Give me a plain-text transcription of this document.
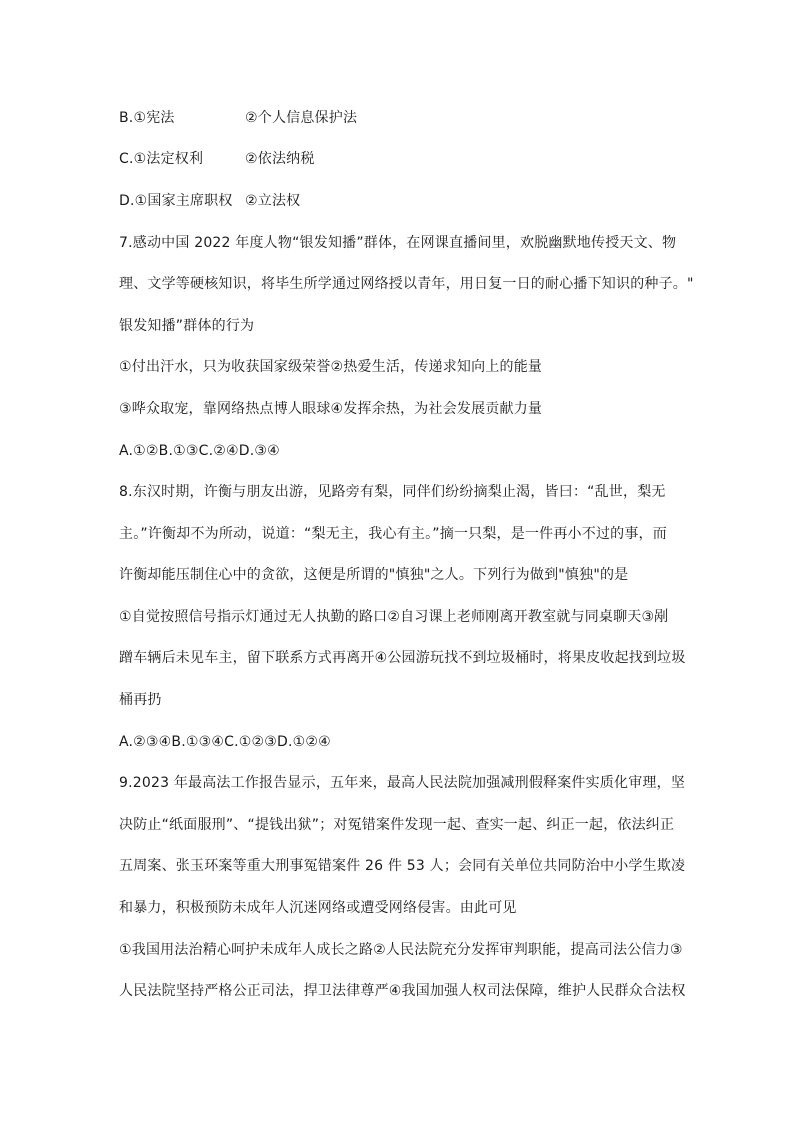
B.①宪法	②个人信息保护法
C.①法定权利	②依法纳税
D.①国家主席职权 ②立法权
7.感动中国 2022 年度人物“银发知播”群体，在网课直播间里，欢脱幽默地传授天文、物
理、文学等硬核知识，将毕生所学通过网络授以青年，用日复一日的耐心播下知识的种子。"
银发知播”群体的行为
①付出汗水，只为收获国家级荣誉②热爱生活，传递求知向上的能量
③哗众取宠，靠网络热点博人眼球④发挥余热，为社会发展贡献力量
A.①②B.①③C.②④D.③④
8.东汉时期，许衡与朋友出游，见路旁有梨，同伴们纷纷摘梨止渴，皆曰：“乱世，梨无
主。”许衡却不为所动，说道：“梨无主，我心有主。”摘一只梨，是一件再小不过的事，而
许衡却能压制住心中的贪欲，这便是所谓的"慎独"之人。下列行为做到"慎独"的是
①自觉按照信号指示灯通过无人执勤的路口②自习课上老师刚离开教室就与同桌聊天③剐
蹭车辆后未见车主，留下联系方式再离开④公园游玩找不到垃圾桶时，将果皮收起找到垃圾
桶再扔
A.②③④B.①③④C.①②③D.①②④
9.2023 年最高法工作报告显示，五年来，最高人民法院加强减刑假释案件实质化审理，坚
决防止“纸面服刑”、“提钱出狱”；对冤错案件发现一起、查实一起、纠正一起，依法纠正
五周案、张玉环案等重大刑事冤错案件 26 件 53 人；会同有关单位共同防治中小学生欺凌
和暴力，积极预防未成年人沉迷网络或遭受网络侵害。由此可见
①我国用法治精心呵护未成年人成长之路②人民法院充分发挥审判职能，提高司法公信力③
人民法院坚持严格公正司法，捍卫法律尊严④我国加强人权司法保障，维护人民群众合法权
